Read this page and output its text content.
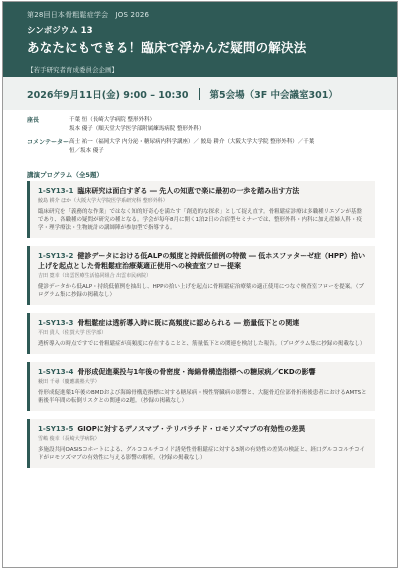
第28回日本骨粗鬆症学会　JOS 2026
シンポジウム 13
あなたにもできる！臨床で浮かんだ疑問の解決法
【若手研究者育成委員会企画】
2026年9月11日(金) 9:00 – 10:30 第5会場（3F 中会議室301）
座長	千葉 恒（長崎大学病院 整形外科）
坂本 優子（順天堂大学医学部附属練馬病院 整形外科）
コメンテーター 高士 祐一（福岡大学 内分泌・糖尿病内科学講座）／ 鮫島 耕介（大阪大学大学院 整形外科）／千葉
恒／坂本 優子
講演プログラム（全5題）
1-SY13-1 臨床研究は面白すぎる ― 先人の知恵で楽に最初の一歩を踏み出す方法
鮫島 耕介 ほか（大阪大学大学院医学系研究科 整形外科）
臨床研究を「義務的な作業」ではなく知的好奇心を満たす「創造的な探求」として捉え直す。骨粗鬆症診療は多職種リエゾンが基盤であり、各職種の疑問が研究の種となる。学会が毎年8月に開く1泊2日の合宿型セミナーでは、整形外科・内科に加え産婦人科・疫学・理学療法・生物統計の講師陣が参加型で指導する。
1-SY13-2 健診データにおける低ALPの頻度と持続低値例の特徴 ― 低ホスファターゼ症（HPP）拾い上げを起点とした骨粗鬆症治療薬適正使用への検査室フロー提案
吉田 寛幸（出雲医療生活協同組合 出雲市民病院）
健診データから低ALP・持続低値例を抽出し、HPPの拾い上げを起点に骨粗鬆症治療薬の適正使用につなぐ検査室フローを提案。（プログラム集に抄録の掲載なし）
1-SY13-3 骨粗鬆症は透析導入時に既に高頻度に認められる ― 筋量低下との関連
平田 貴人（佐賀大学 医学部）
透析導入の時点ですでに骨粗鬆症が高頻度に存在することと、筋量低下との関連を検討した報告。（プログラム集に抄録の掲載なし）
1-SY13-4 骨形成促進薬投与1年後の骨密度・海綿骨構造指標への糖尿病／CKDの影響
薮田 千尋（慶應義塾大学）
骨形成促進薬1年後のBMDおよび海綿骨構造指標に対する糖尿病・慢性腎臓病の影響と、大腿骨近位部骨折術後患者におけるAMTSと術後半年間の転倒リスクとの関連の2題。（抄録の掲載なし）
1-SY13-5 GIOPに対するデノスマブ・テリパラチド・ロモソズマブの有効性の差異
雪嶋 俊幸（長崎大学病院）
多施設共同OASISコホートによる、グルココルチコイド誘発性骨粗鬆症に対する3剤の有効性の差異の検証と、経口グルココルチコイドがロモソズマブの有効性に与える影響の解析。（抄録の掲載なし）
